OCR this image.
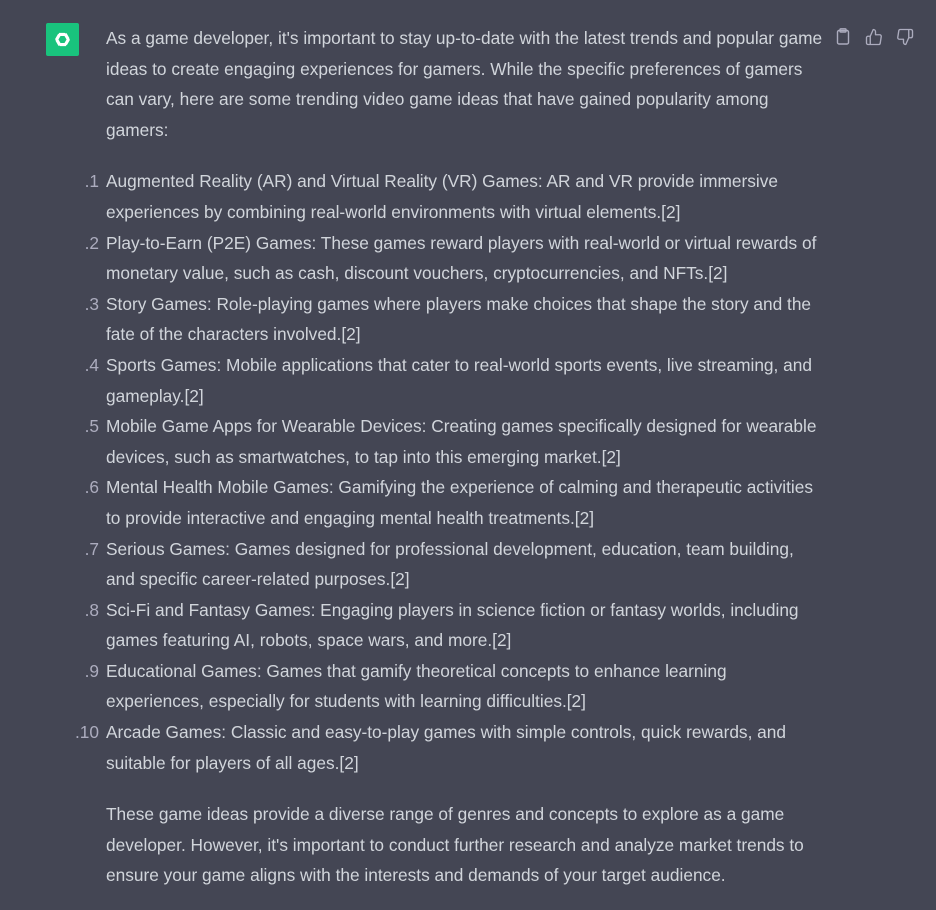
As a game developer, it's important to stay up-to-date with the latest trends and popular game ideas to create engaging experiences for gamers. While the specific preferences of gamers can vary, here are some trending video game ideas that have gained popularity among gamers:

1. Augmented Reality (AR) and Virtual Reality (VR) Games: AR and VR provide immersive experiences by combining real-world environments with virtual elements.[2]
2. Play-to-Earn (P2E) Games: These games reward players with real-world or virtual rewards of monetary value, such as cash, discount vouchers, cryptocurrencies, and NFTs.[2]
3. Story Games: Role-playing games where players make choices that shape the story and the fate of the characters involved.[2]
4. Sports Games: Mobile applications that cater to real-world sports events, live streaming, and gameplay.[2]
5. Mobile Game Apps for Wearable Devices: Creating games specifically designed for wearable devices, such as smartwatches, to tap into this emerging market.[2]
6. Mental Health Mobile Games: Gamifying the experience of calming and therapeutic activities to provide interactive and engaging mental health treatments.[2]
7. Serious Games: Games designed for professional development, education, team building, and specific career-related purposes.[2]
8. Sci-Fi and Fantasy Games: Engaging players in science fiction or fantasy worlds, including games featuring AI, robots, space wars, and more.[2]
9. Educational Games: Games that gamify theoretical concepts to enhance learning experiences, especially for students with learning difficulties.[2]
10. Arcade Games: Classic and easy-to-play games with simple controls, quick rewards, and suitable for players of all ages.[2]

These game ideas provide a diverse range of genres and concepts to explore as a game developer. However, it's important to conduct further research and analyze market trends to ensure your game aligns with the interests and demands of your target audience.
